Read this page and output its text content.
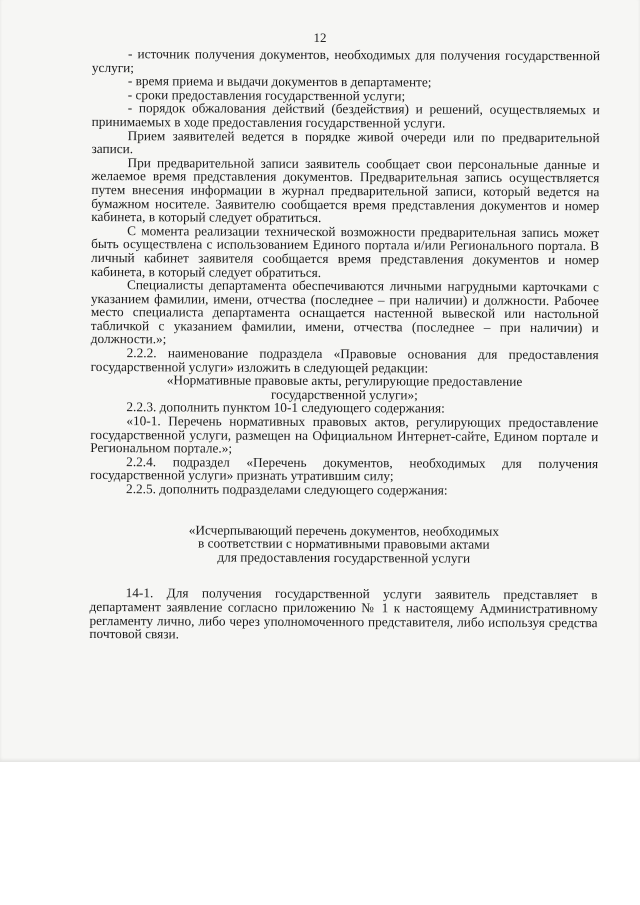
12

- источник получения документов, необходимых для получения государственной услуги;

- время приема и выдачи документов в департаменте;

- сроки предоставления государственной услуги;

- порядок обжалования действий (бездействия) и решений, осуществляемых и принимаемых в ходе предоставления государственной услуги.

Прием заявителей ведется в порядке живой очереди или по предварительной записи.

При предварительной записи заявитель сообщает свои персональные данные и желаемое время представления документов. Предварительная запись осуществляется путем внесения информации в журнал предварительной записи, который ведется на бумажном носителе. Заявителю сообщается время представления документов и номер кабинета, в который следует обратиться.

С момента реализации технической возможности предварительная запись может быть осуществлена с использованием Единого портала и/или Регионального портала. В личный кабинет заявителя сообщается время представления документов и номер кабинета, в который следует обратиться.

Специалисты департамента обеспечиваются личными нагрудными карточками с указанием фамилии, имени, отчества (последнее – при наличии) и должности. Рабочее место специалиста департамента оснащается настенной вывеской или настольной табличкой с указанием фамилии, имени, отчества (последнее – при наличии) и должности.»;

2.2.2. наименование подраздела «Правовые основания для предоставления государственной услуги» изложить в следующей редакции:

«Нормативные правовые акты, регулирующие предоставление

государственной услуги»;

2.2.3. дополнить пунктом 10-1 следующего содержания:

«10-1. Перечень нормативных правовых актов, регулирующих предоставление государственной услуги, размещен на Официальном Интернет-сайте, Едином портале и Региональном портале.»;

2.2.4. подраздел «Перечень документов, необходимых для получения государственной услуги» признать утратившим силу;

2.2.5. дополнить подразделами следующего содержания:

«Исчерпывающий перечень документов, необходимых

в соответствии с нормативными правовыми актами

для предоставления государственной услуги

14-1. Для получения государственной услуги заявитель представляет в департамент заявление согласно приложению № 1 к настоящему Административному регламенту лично, либо через уполномоченного представителя, либо используя средства почтовой связи.
